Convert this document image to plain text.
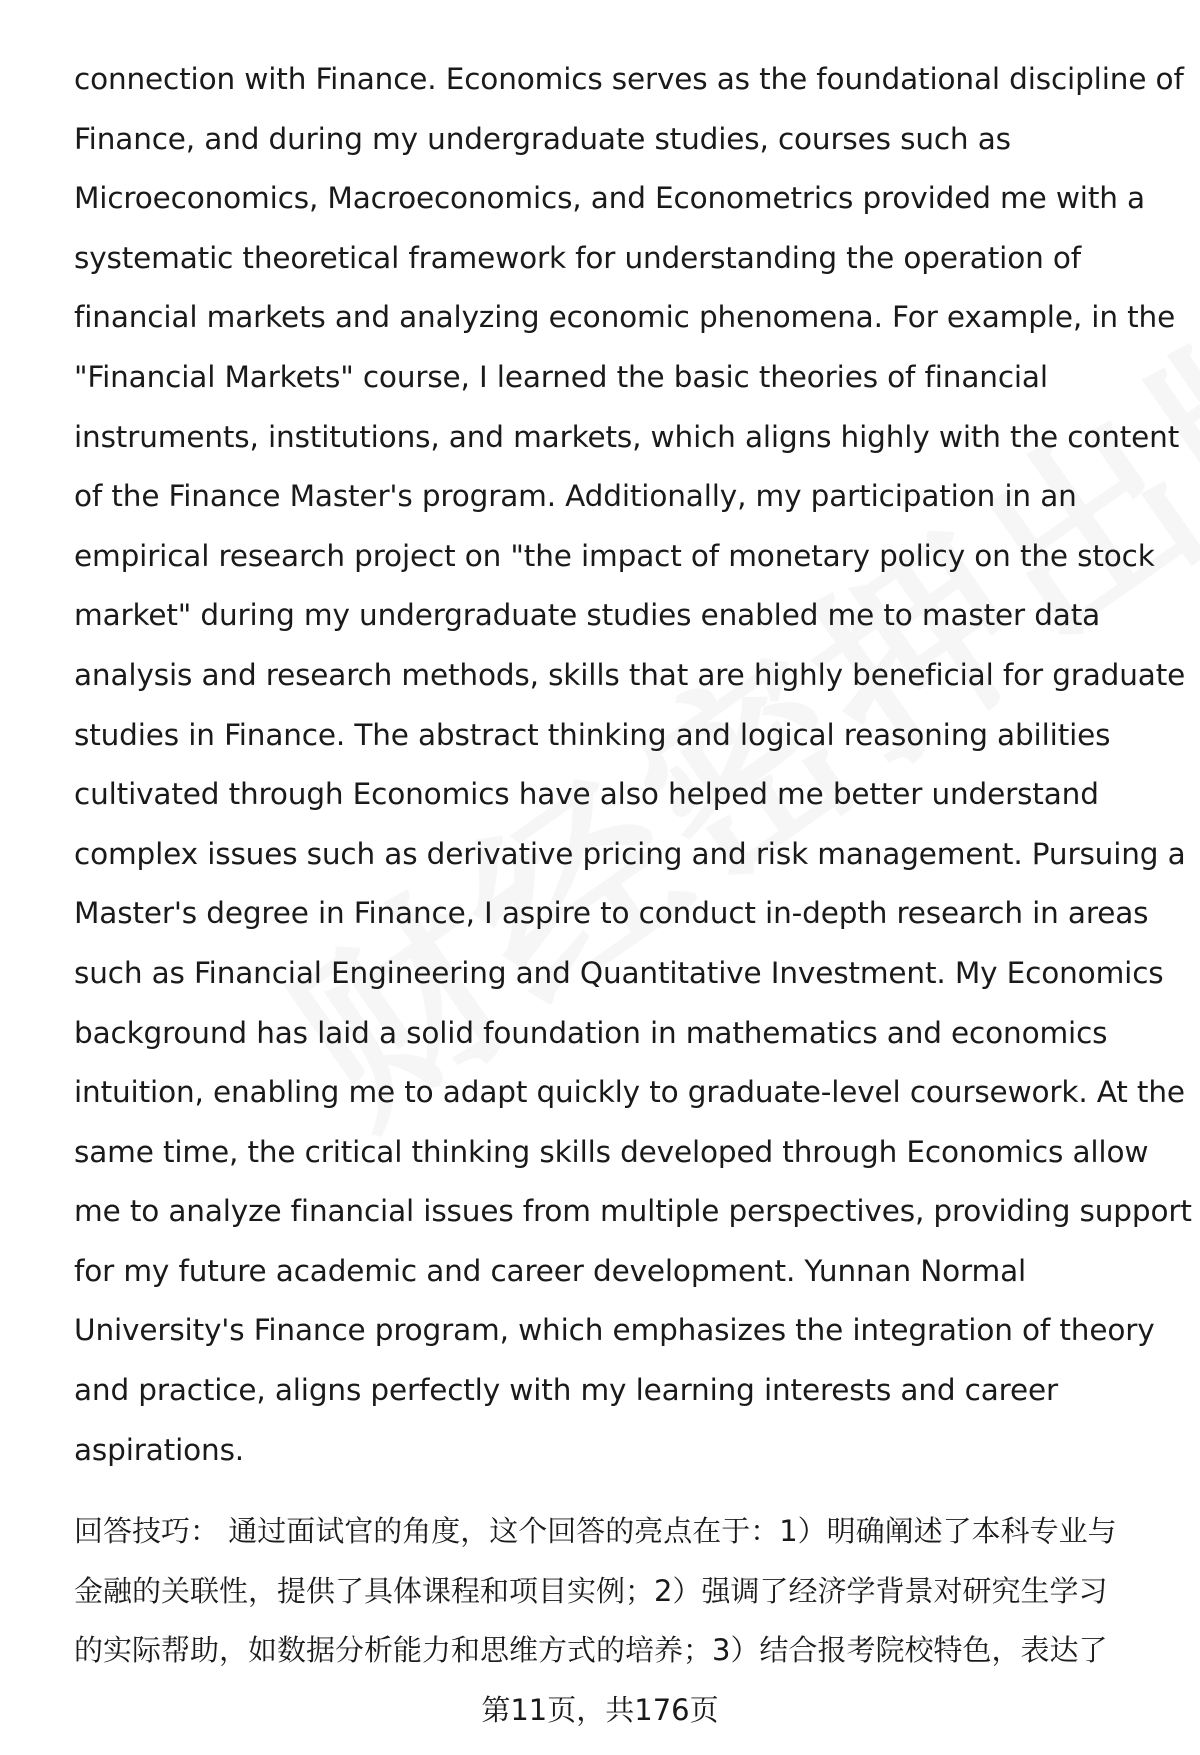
connection with Finance. Economics serves as the foundational discipline of
Finance, and during my undergraduate studies, courses such as
Microeconomics, Macroeconomics, and Econometrics provided me with a
systematic theoretical framework for understanding the operation of
financial markets and analyzing economic phenomena. For example, in the
"Financial Markets" course, I learned the basic theories of financial
instruments, institutions, and markets, which aligns highly with the content
of the Finance Master's program. Additionally, my participation in an
empirical research project on "the impact of monetary policy on the stock
market" during my undergraduate studies enabled me to master data
analysis and research methods, skills that are highly beneficial for graduate
studies in Finance. The abstract thinking and logical reasoning abilities
cultivated through Economics have also helped me better understand
complex issues such as derivative pricing and risk management. Pursuing a
Master's degree in Finance, I aspire to conduct in-depth research in areas
such as Financial Engineering and Quantitative Investment. My Economics
background has laid a solid foundation in mathematics and economics
intuition, enabling me to adapt quickly to graduate-level coursework. At the
same time, the critical thinking skills developed through Economics allow
me to analyze financial issues from multiple perspectives, providing support
for my future academic and career development. Yunnan Normal
University's Finance program, which emphasizes the integration of theory
and practice, aligns perfectly with my learning interests and career
aspirations.
回答技巧： 通过面试官的角度，这个回答的亮点在于：1）明确阐述了本科专业与
金融的关联性，提供了具体课程和项目实例；2）强调了经济学背景对研究生学习
的实际帮助，如数据分析能力和思维方式的培养；3）结合报考院校特色，表达了
第11页，共176页
